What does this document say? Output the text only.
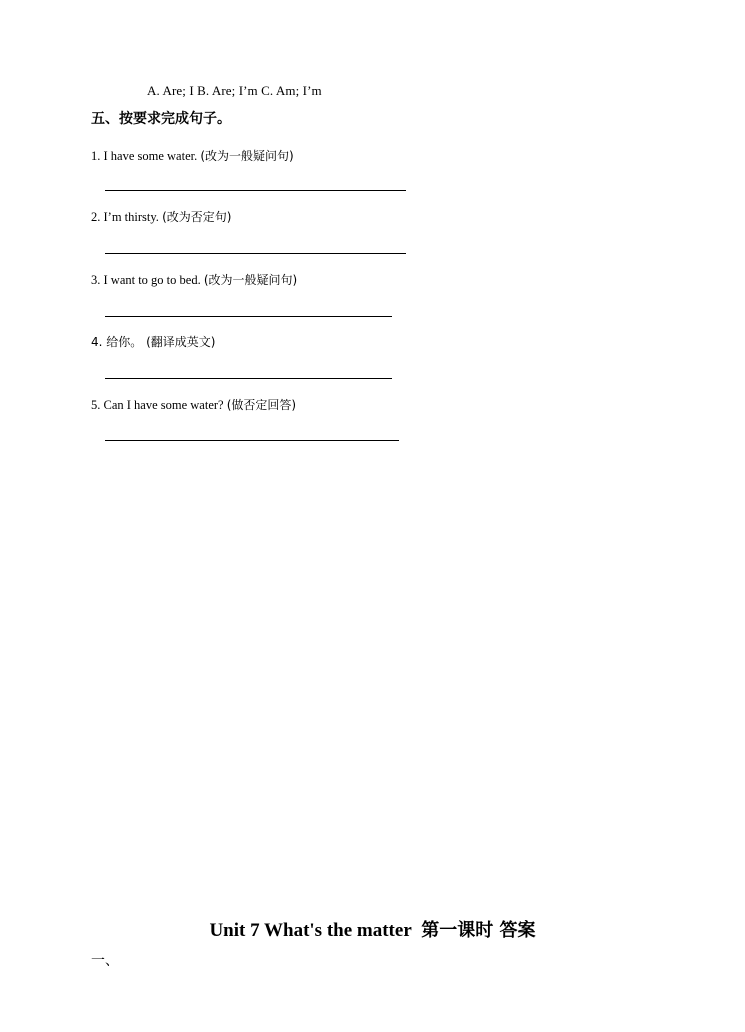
A. Are; I B. Are; I’m C. Am; I’m
五、按要求完成句子。
1. I have some water. (改为一般疑问句)
2. I’m thirsty. (改为否定句)
3. I want to go to bed. (改为一般疑问句)
4. 给你。 (翻译成英文)
5. Can I have some water? (做否定回答)
Unit 7 What's the matter 第一课时 答案
一、
